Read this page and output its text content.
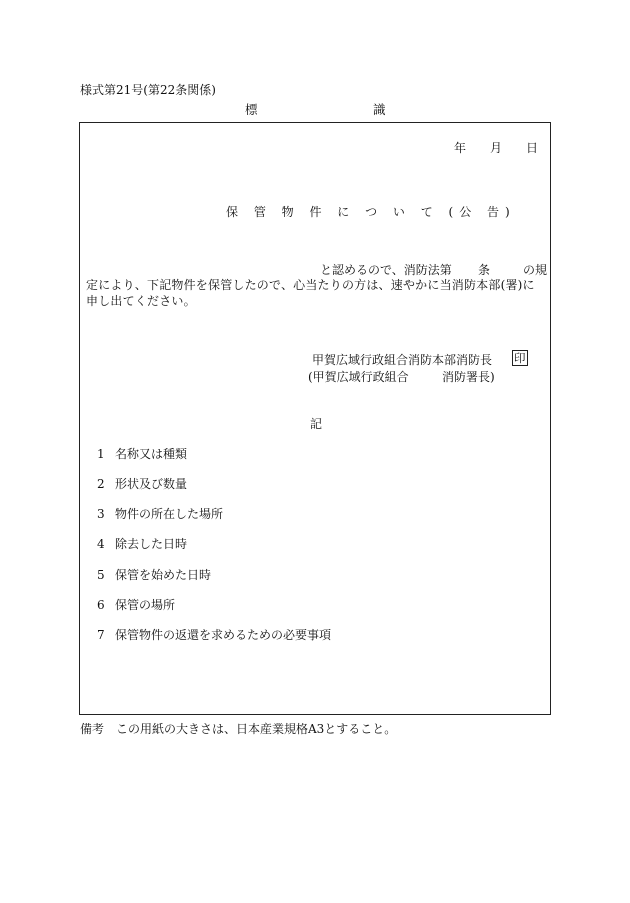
様式第21号(第22条関係)
標	識
年 月 日
保 管 物 件 に つ い て (公 告)
と認めるので、消防法第 条	の規
定により、下記物件を保管したので、心当たりの方は、速やかに当消防本部(署)に申し出てください。
甲賀広域行政組合消防本部消防長 印
(甲賀広域行政組合	消防署長)
記
1 名称又は種類
2 形状及び数量
3 物件の所在した場所
4 除去した日時
5 保管を始めた日時
6 保管の場所
7 保管物件の返還を求めるための必要事項
備考　この用紙の大きさは、日本産業規格A3とすること。
